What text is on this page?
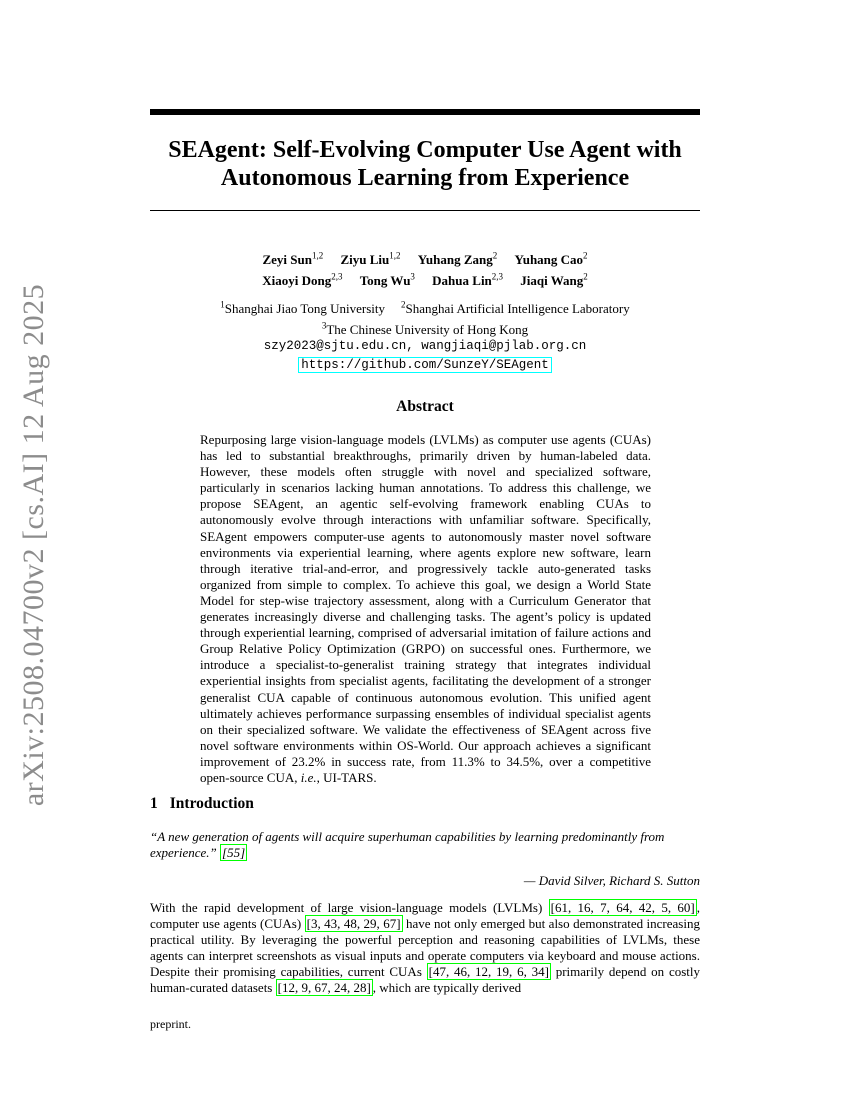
arXiv:2508.04700v2 [cs.AI] 12 Aug 2025
SEAgent: Self-Evolving Computer Use Agent with Autonomous Learning from Experience
Zeyi Sun$^{1,2}$ Ziyu Liu$^{1,2}$ Yuhang Zang$^2$ Yuhang Cao$^2$
Xiaoyi Dong$^{2,3}$ Tong Wu$^3$ Dahua Lin$^{2,3}$ Jiaqi Wang$^2$
$^1$Shanghai Jiao Tong University $^2$Shanghai Artificial Intelligence Laboratory
$^3$The Chinese University of Hong Kong
szy2023@sjtu.edu.cn, wangjiaqi@pjlab.org.cn
https://github.com/SunzeY/SEAgent
Abstract
Repurposing large vision-language models (LVLMs) as computer use agents (CUAs) has led to substantial breakthroughs, primarily driven by human-labeled data. However, these models often struggle with novel and specialized software, particularly in scenarios lacking human annotations. To address this challenge, we propose SEAgent, an agentic self-evolving framework enabling CUAs to autonomously evolve through interactions with unfamiliar software. Specifically, SEAgent empowers computer-use agents to autonomously master novel software environments via experiential learning, where agents explore new software, learn through iterative trial-and-error, and progressively tackle auto-generated tasks organized from simple to complex. To achieve this goal, we design a World State Model for step-wise trajectory assessment, along with a Curriculum Generator that generates increasingly diverse and challenging tasks. The agent’s policy is updated through experiential learning, comprised of adversarial imitation of failure actions and Group Relative Policy Optimization (GRPO) on successful ones. Furthermore, we introduce a specialist-to-generalist training strategy that integrates individual experiential insights from specialist agents, facilitating the development of a stronger generalist CUA capable of continuous autonomous evolution. This unified agent ultimately achieves performance surpassing ensembles of individual specialist agents on their specialized software. We validate the effectiveness of SEAgent across five novel software environments within OS-World. Our approach achieves a significant improvement of 23.2% in success rate, from 11.3% to 34.5%, over a competitive open-source CUA, i.e., UI-TARS.
1 Introduction
“A new generation of agents will acquire superhuman capabilities by learning predominantly from experience.” [55]
— David Silver, Richard S. Sutton
With the rapid development of large vision-language models (LVLMs) [61, 16, 7, 64, 42, 5, 60] , computer use agents (CUAs) [3, 43, 48, 29, 67] have not only emerged but also demonstrated increasing practical utility. By leveraging the powerful perception and reasoning capabilities of LVLMs, these agents can interpret screenshots as visual inputs and operate computers via keyboard and mouse actions. Despite their promising capabilities, current CUAs [47, 46, 12, 19, 6, 34] primarily depend on costly human-curated datasets [12, 9, 67, 24, 28] , which are typically derived
preprint.
